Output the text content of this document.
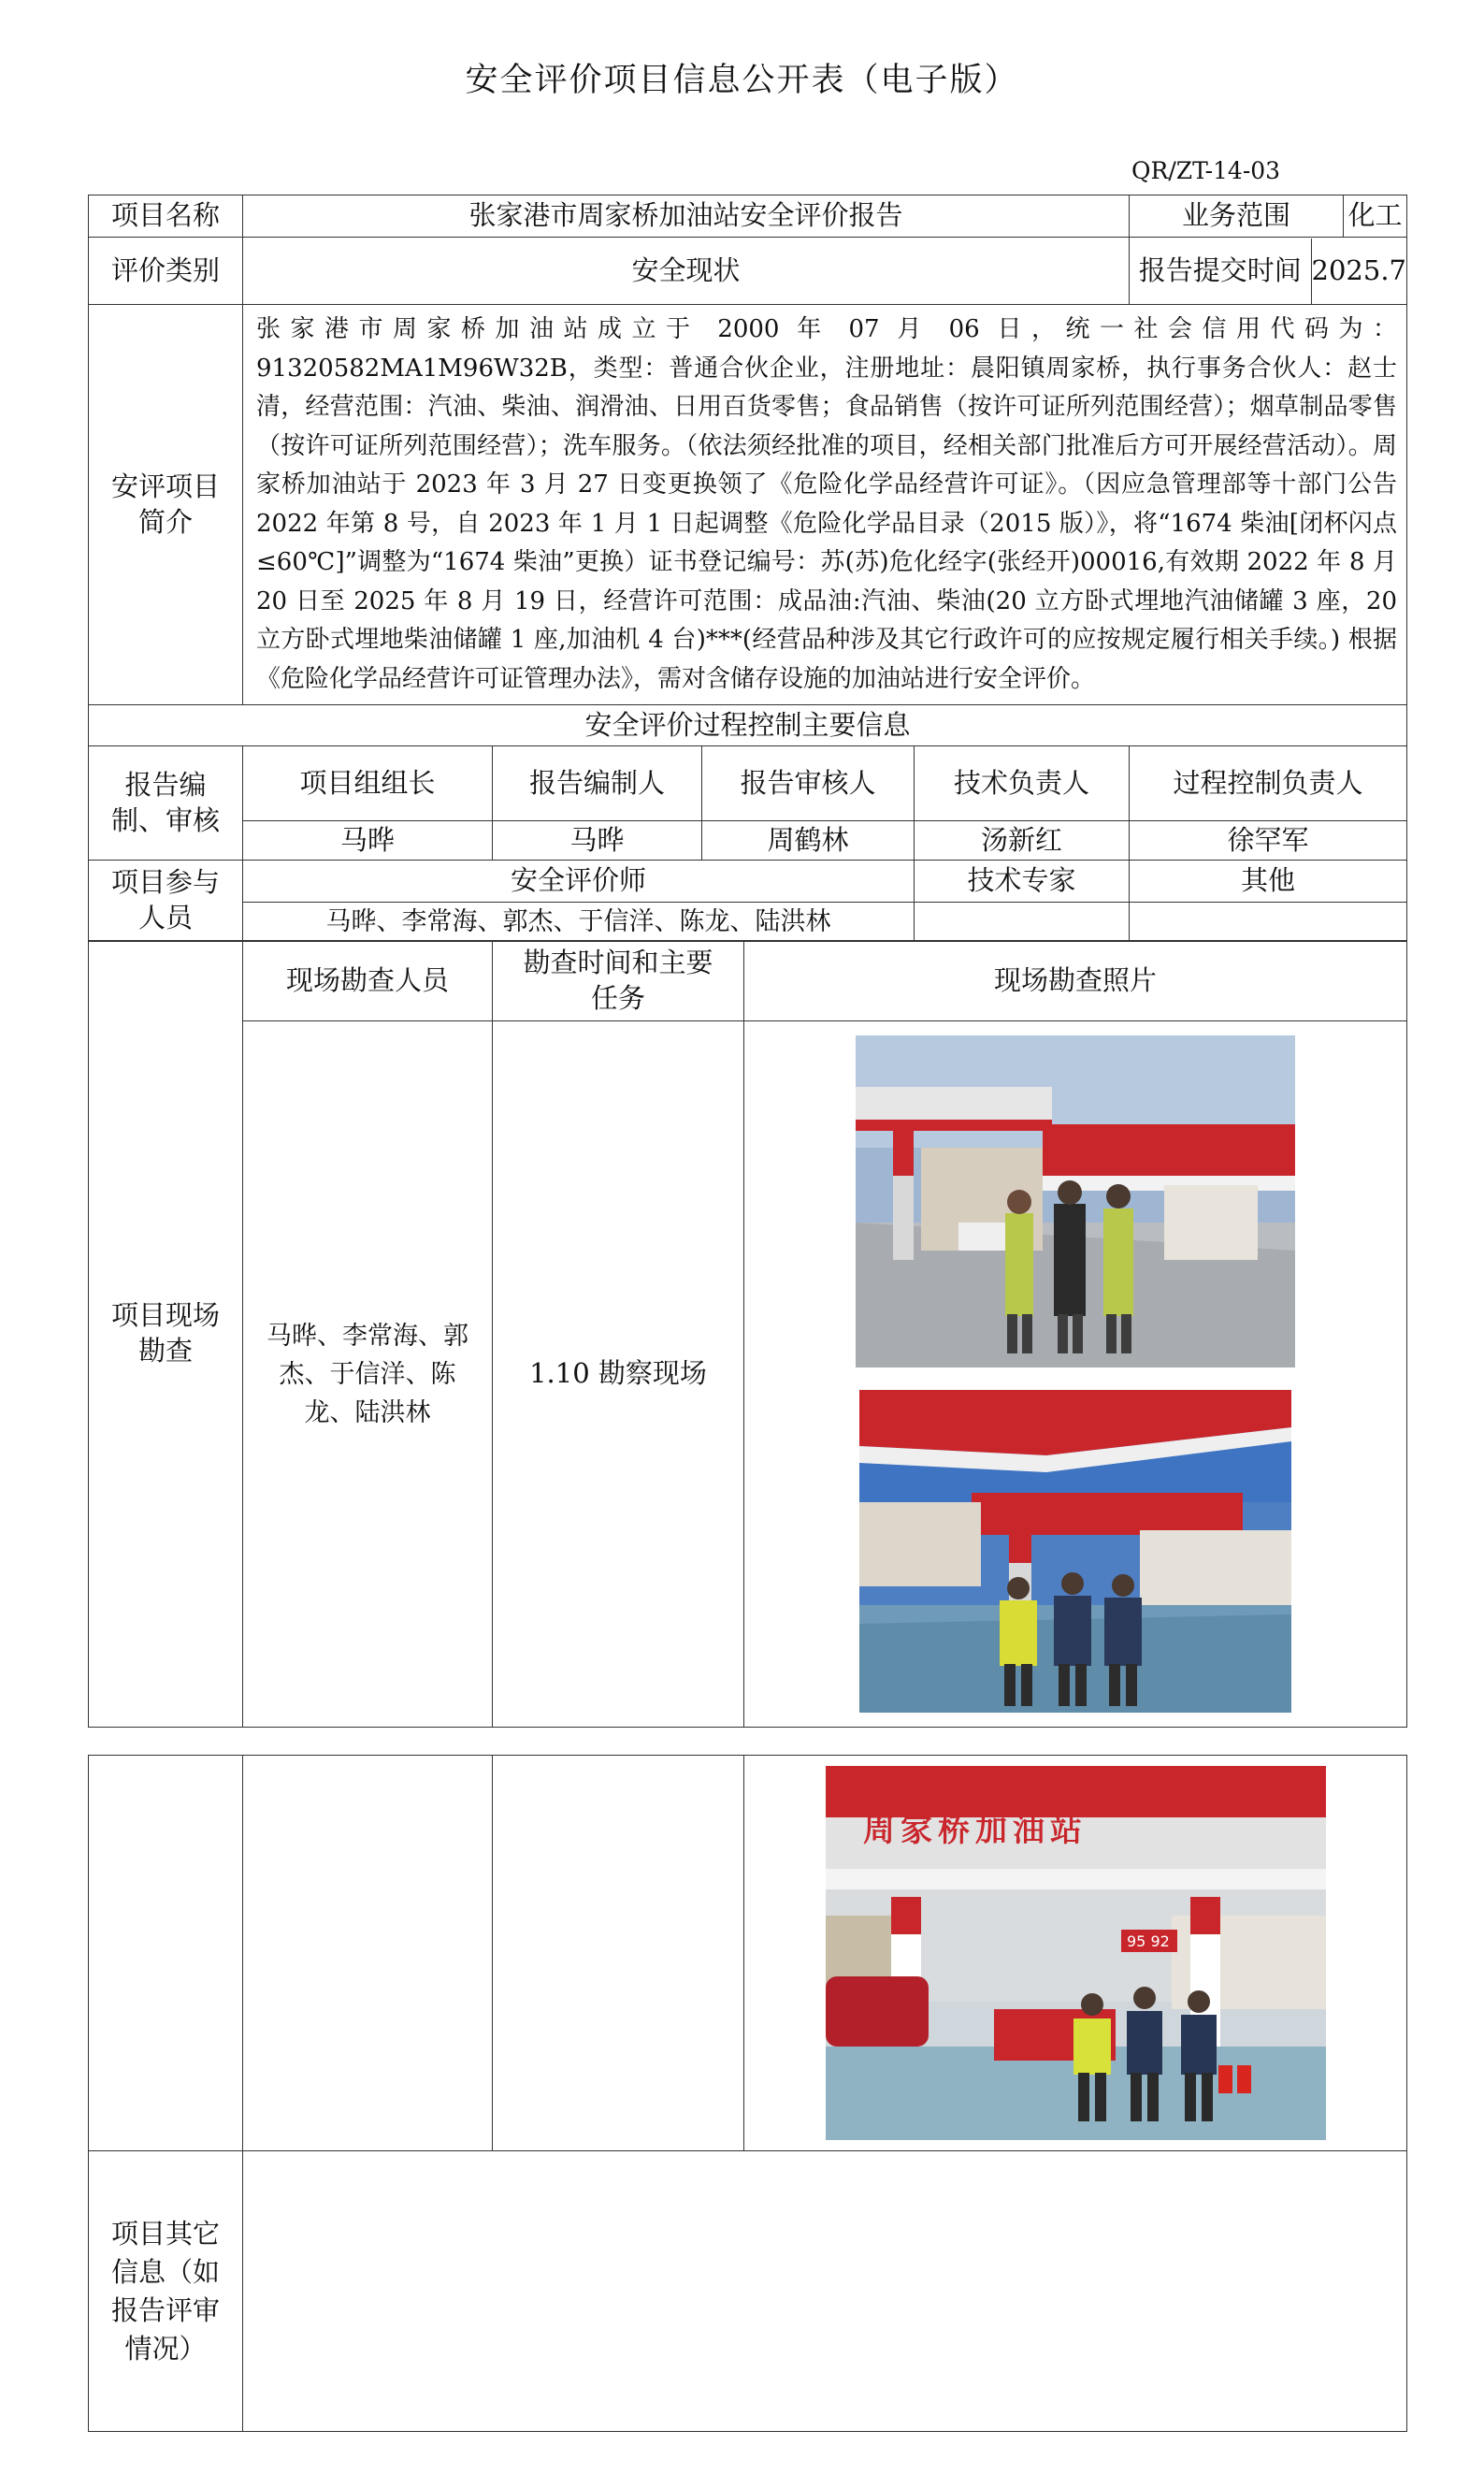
安全评价项目信息公开表（电子版）
QR/ZT-14-03
项目名称	张家港市周家桥加油站安全评价报告				业务范围 化工

评价类别	安全现状				报告提交时间 2025.7

安评项目简介	张家港市周家桥加油站成立于 2000 年 07 月 06 日，统一社会信用代码为：91320582MA1M96W32B，类型：普通合伙企业，注册地址：晨阳镇周家桥，执行事务合伙人：赵士清，经营范围：汽油、柴油、润滑油、日用百货零售；食品销售（按许可证所列范围经营）；烟草制品零售（按许可证所列范围经营）；洗车服务。（依法须经批准的项目，经相关部门批准后方可开展经营活动）。周家桥加油站于 2023 年 3 月 27 日变更换领了《危险化学品经营许可证》。（因应急管理部等十部门公告 2022 年第 8 号，自 2023 年 1 月 1 日起调整《危险化学品目录（2015 版）》，将“1674 柴油[闭杯闪点≤60℃]”调整为“1674 柴油”更换）证书登记编号：苏(苏)危化经字(张经开)00016,有效期 2022 年 8 月 20 日至 2025 年 8 月 19 日，经营许可范围：成品油:汽油、柴油(20 立方卧式埋地汽油储罐 3 座，20 立方卧式埋地柴油储罐 1 座,加油机 4 台)***(经营品种涉及其它行政许可的应按规定履行相关手续。) 根据《危险化学品经营许可证管理办法》，需对含储存设施的加油站进行安全评价。				
安全评价过程控制主要信息					
报告编制、审核	项目组组长	报告编制人	报告审核人	技术负责人	过程控制负责人
	马晔	马晔	周鹤林	汤新红	徐罕军
项目参与人员	安全评价师			技术专家	其他
	马晔、李常海、郭杰、于信洋、陈龙、陆洪林				
项目现场勘查	现场勘查人员	勘查时间和主要任务	现场勘查照片
	马晔、李常海、郭杰、于信洋、陈龙、陆洪林	1.10 勘察现场	

周家桥加油站
95 92

项目其它信息（如报告评审情况）			
